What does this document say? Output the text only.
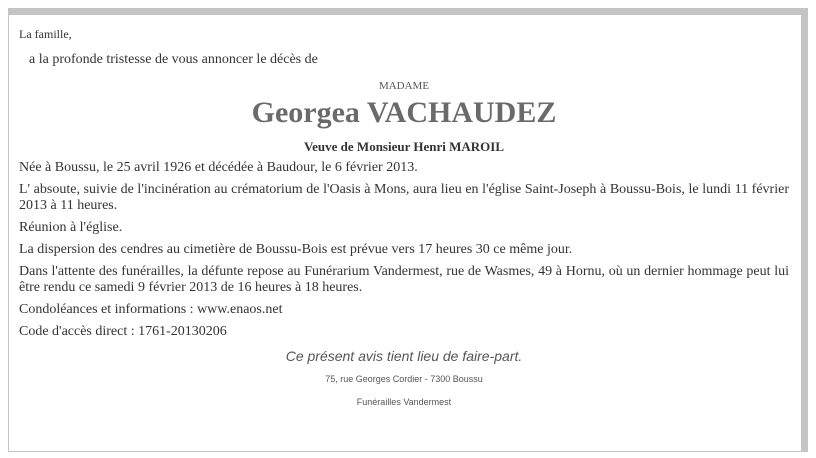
La famille,

a la profonde tristesse de vous annoncer le décès de

MADAME

Georgea VACHAUDEZ

Veuve de Monsieur Henri MAROIL

Née à Boussu, le 25 avril 1926 et décédée à Baudour, le 6 février 2013.

L' absoute, suivie de l'incinération au crématorium de l'Oasis à Mons, aura lieu en l'église Saint-Joseph à Boussu-Bois, le lundi 11 février 2013 à 11 heures.

Réunion à l'église.

La dispersion des cendres au cimetière de Boussu-Bois est prévue vers 17 heures 30 ce même jour.

Dans l'attente des funérailles, la défunte repose au Funérarium Vandermest, rue de Wasmes, 49 à Hornu, où un dernier hommage peut lui être rendu ce samedi 9 février 2013 de 16 heures à 18 heures.

Condoléances et informations : www.enaos.net

Code d'accès direct : 1761-20130206

Ce présent avis tient lieu de faire-part.

75, rue Georges Cordier - 7300 Boussu

Funérailles Vandermest
